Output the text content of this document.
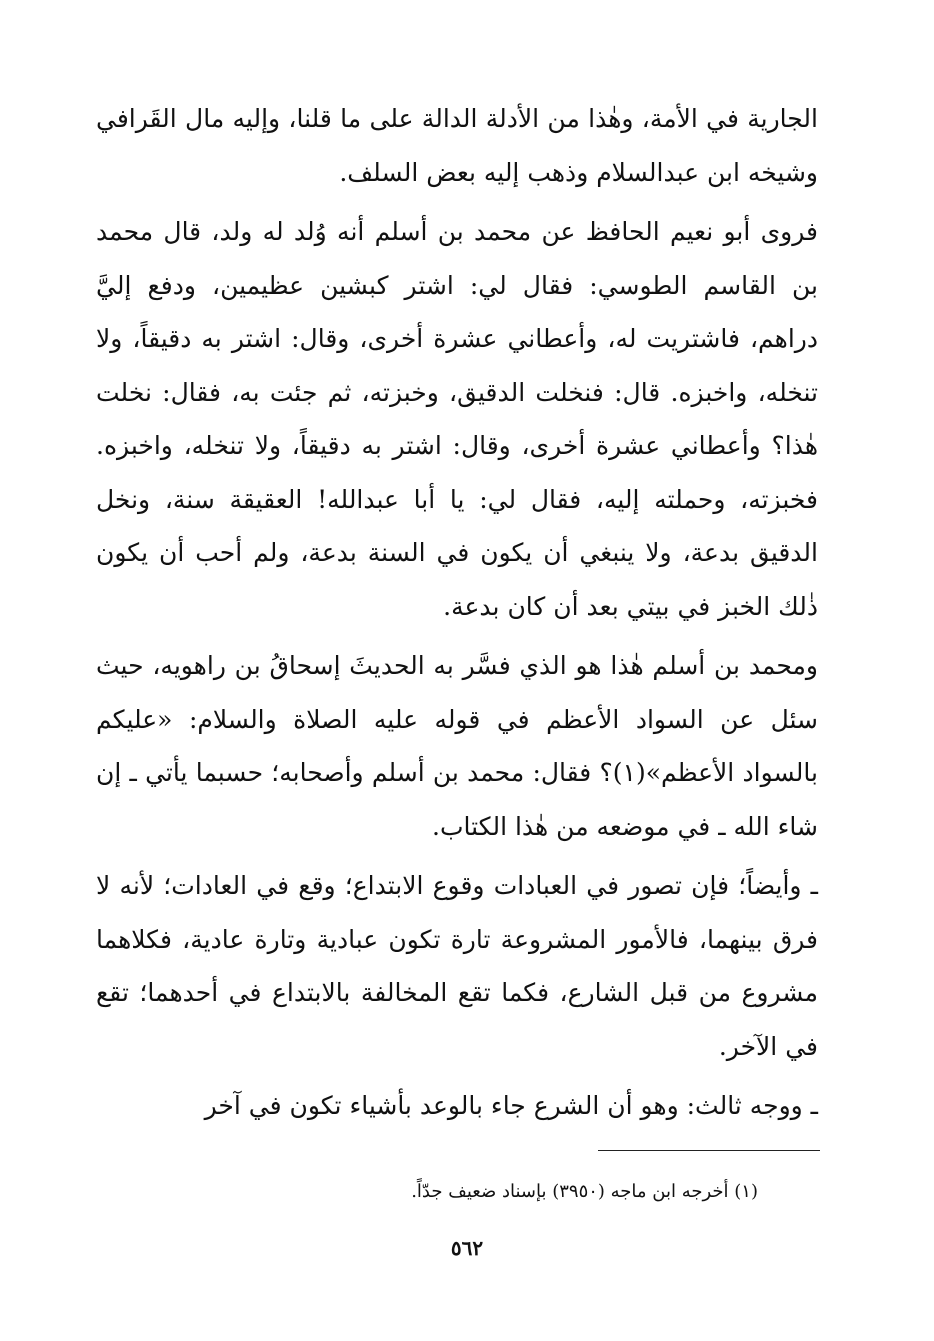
الجارية في الأمة، وهٰذا من الأدلة الدالة على ما قلنا، وإليه مال القَرافي وشيخه ابن عبدالسلام وذهب إليه بعض السلف.

فروى أبو نعيم الحافظ عن محمد بن أسلم أنه وُلد له ولد، قال محمد بن القاسم الطوسي: فقال لي: اشتر كبشين عظيمين، ودفع إليَّ دراهم، فاشتريت له، وأعطاني عشرة أخرى، وقال: اشتر به دقيقاً، ولا تنخله، واخبزه. قال: فنخلت الدقيق، وخبزته، ثم جئت به، فقال: نخلت هٰذا؟ وأعطاني عشرة أخرى، وقال: اشتر به دقيقاً، ولا تنخله، واخبزه. فخبزته، وحملته إليه، فقال لي: يا أبا عبدالله! العقيقة سنة، ونخل الدقيق بدعة، ولا ينبغي أن يكون في السنة بدعة، ولم أحب أن يكون ذٰلك الخبز في بيتي بعد أن كان بدعة.

ومحمد بن أسلم هٰذا هو الذي فسَّر به الحديثَ إسحاقُ بن راهويه، حيث سئل عن السواد الأعظم في قوله عليه الصلاة والسلام: «عليكم بالسواد الأعظم»(١)؟ فقال: محمد بن أسلم وأصحابه؛ حسبما يأتي ـ إن شاء الله ـ في موضعه من هٰذا الكتاب.

ـ وأيضاً؛ فإن تصور في العبادات وقوع الابتداع؛ وقع في العادات؛ لأنه لا فرق بينهما، فالأمور المشروعة تارة تكون عبادية وتارة عادية، فكلاهما مشروع من قبل الشارع، فكما تقع المخالفة بالابتداع في أحدهما؛ تقع في الآخر.

ـ ووجه ثالث: وهو أن الشرع جاء بالوعد بأشياء تكون في آخر

(١) أخرجه ابن ماجه (٣٩٥٠) بإسناد ضعيف جدّاً.
٥٦٢
